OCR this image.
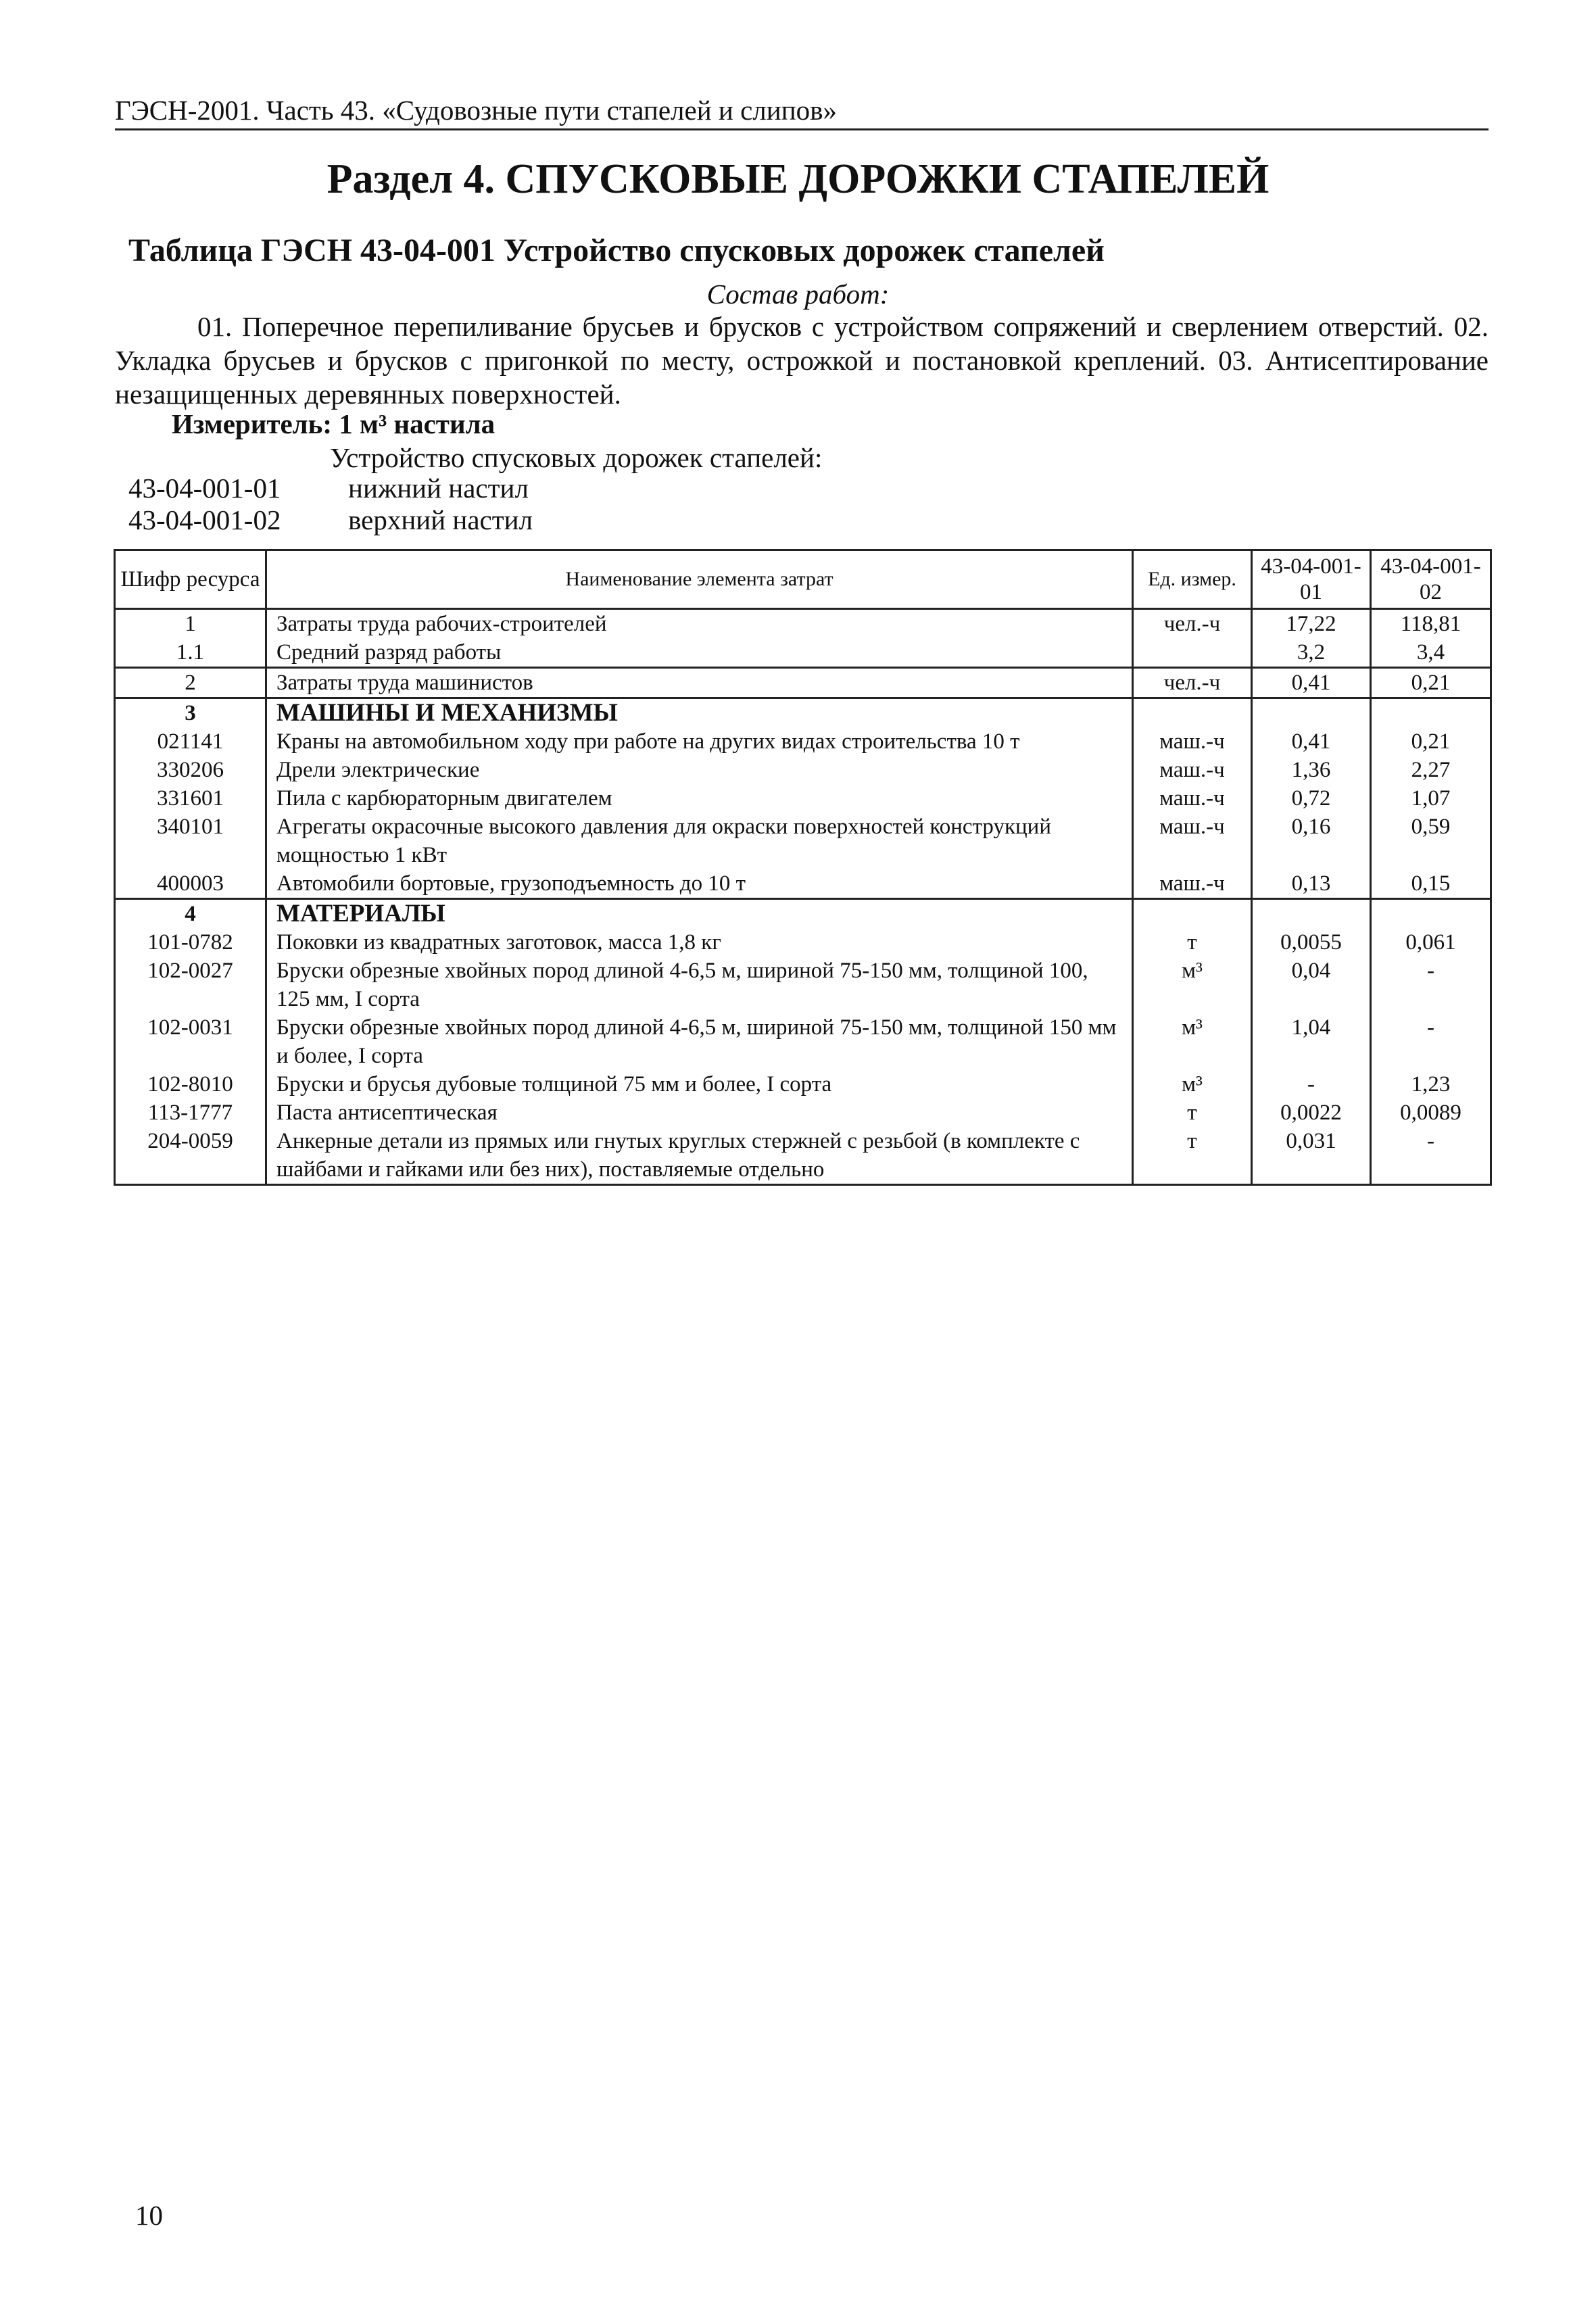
ГЭСН-2001. Часть 43. «Судовозные пути стапелей и слипов»
Раздел 4. СПУСКОВЫЕ ДОРОЖКИ СТАПЕЛЕЙ
Таблица ГЭСН 43-04-001 Устройство спусковых дорожек стапелей
Состав работ:
01. Поперечное перепиливание брусьев и брусков с устройством сопряжений и сверлением отверстий. 02. Укладка брусьев и брусков с пригонкой по месту, острожкой и постановкой креплений. 03. Антисептирование незащищенных деревянных поверхностей.
Измеритель: 1 м³ настила
Устройство спусковых дорожек стапелей:
43-04-001-01 нижний настил
43-04-001-02 верхний настил
Шифр ресурса	Наименование элемента затрат	Ед. измер.	43-04-001-01	43-04-001-02
1	Затраты труда рабочих-строителей	чел.-ч	17,22	118,81
1.1	Средний разряд работы		3,2	3,4
2	Затраты труда машинистов	чел.-ч	0,41	0,21
3	МАШИНЫ И МЕХАНИЗМЫ			
021141	Краны на автомобильном ходу при работе на других видах строительства 10 т	маш.-ч	0,41	0,21
330206	Дрели электрические	маш.-ч	1,36	2,27
331601	Пила с карбюраторным двигателем	маш.-ч	0,72	1,07
340101	Агрегаты окрасочные высокого давления для окраски поверхностей конструкций мощностью 1 кВт	маш.-ч	0,16	0,59
400003	Автомобили бортовые, грузоподъемность до 10 т	маш.-ч	0,13	0,15
4	МАТЕРИАЛЫ			
101-0782	Поковки из квадратных заготовок, масса 1,8 кг	т	0,0055	0,061
102-0027	Бруски обрезные хвойных пород длиной 4-6,5 м, шириной 75-150 мм, толщиной 100, 125 мм, I сорта	м³	0,04	-
102-0031	Бруски обрезные хвойных пород длиной 4-6,5 м, шириной 75-150 мм, толщиной 150 мм и более, I сорта	м³	1,04	-
102-8010	Бруски и брусья дубовые толщиной 75 мм и более, I сорта	м³	-	1,23
113-1777	Паста антисептическая	т	0,0022	0,0089
204-0059	Анкерные детали из прямых или гнутых круглых стержней с резьбой (в комплекте с шайбами и гайками или без них), поставляемые отдельно	т	0,031	-
10
